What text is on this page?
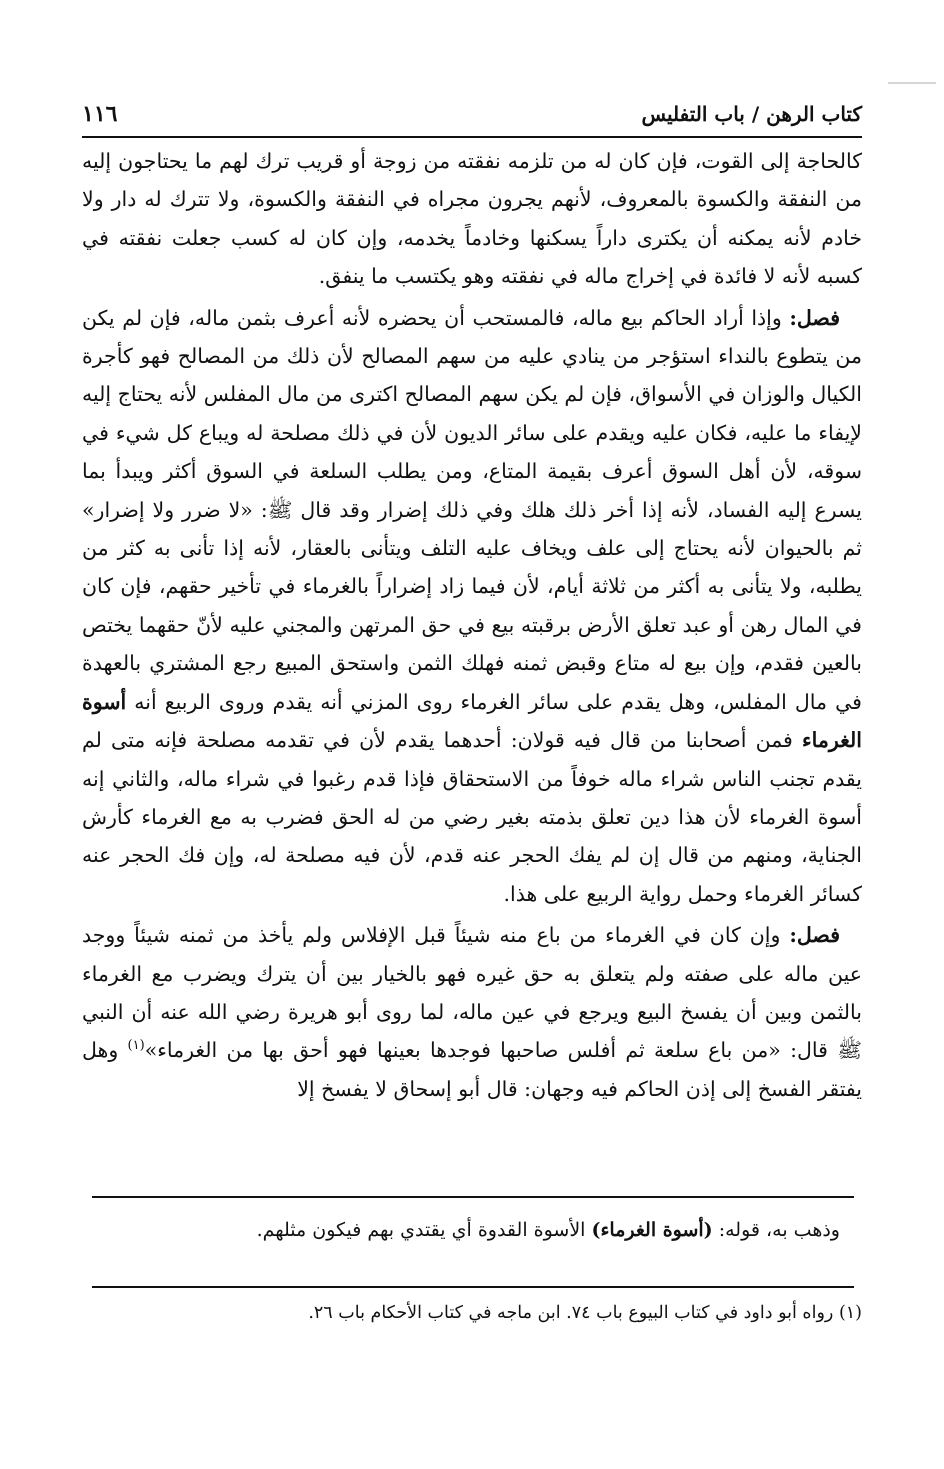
١١٦	كتاب الرهن / باب التفليس

كالحاجة إلى القوت، فإن كان له من تلزمه نفقته من زوجة أو قريب ترك لهم ما يحتاجون إليه من النفقة والكسوة بالمعروف، لأنهم يجرون مجراه في النفقة والكسوة، ولا تترك له دار ولا خادم لأنه يمكنه أن يكترى داراً يسكنها وخادماً يخدمه، وإن كان له كسب جعلت نفقته في كسبه لأنه لا فائدة في إخراج ماله في نفقته وهو يكتسب ما ينفق.

فصل: وإذا أراد الحاكم بيع ماله، فالمستحب أن يحضره لأنه أعرف بثمن ماله، فإن لم يكن من يتطوع بالنداء استؤجر من ينادي عليه من سهم المصالح لأن ذلك من المصالح فهو كأجرة الكيال والوزان في الأسواق، فإن لم يكن سهم المصالح اكترى من مال المفلس لأنه يحتاج إليه لإيفاء ما عليه، فكان عليه ويقدم على سائر الديون لأن في ذلك مصلحة له ويباع كل شيء في سوقه، لأن أهل السوق أعرف بقيمة المتاع، ومن يطلب السلعة في السوق أكثر ويبدأ بما يسرع إليه الفساد، لأنه إذا أخر ذلك هلك وفي ذلك إضرار وقد قال ﷺ: «لا ضرر ولا إضرار» ثم بالحيوان لأنه يحتاج إلى علف ويخاف عليه التلف ويتأنى بالعقار، لأنه إذا تأنى به كثر من يطلبه، ولا يتأنى به أكثر من ثلاثة أيام، لأن فيما زاد إضراراً بالغرماء في تأخير حقهم، فإن كان في المال رهن أو عبد تعلق الأرض برقبته بيع في حق المرتهن والمجني عليه لأنّ حقهما يختص بالعين فقدم، وإن بيع له متاع وقبض ثمنه فهلك الثمن واستحق المبيع رجع المشتري بالعهدة في مال المفلس، وهل يقدم على سائر الغرماء روى المزني أنه يقدم وروى الربيع أنه أسوة الغرماء فمن أصحابنا من قال فيه قولان: أحدهما يقدم لأن في تقدمه مصلحة فإنه متى لم يقدم تجنب الناس شراء ماله خوفاً من الاستحقاق فإذا قدم رغبوا في شراء ماله، والثاني إنه أسوة الغرماء لأن هذا دين تعلق بذمته بغير رضي من له الحق فضرب به مع الغرماء كأرش الجناية، ومنهم من قال إن لم يفك الحجر عنه قدم، لأن فيه مصلحة له، وإن فك الحجر عنه كسائر الغرماء وحمل رواية الربيع على هذا.

فصل: وإن كان في الغرماء من باع منه شيئاً قبل الإفلاس ولم يأخذ من ثمنه شيئاً ووجد عين ماله على صفته ولم يتعلق به حق غيره فهو بالخيار بين أن يترك ويضرب مع الغرماء بالثمن وبين أن يفسخ البيع ويرجع في عين ماله، لما روى أبو هريرة رضي الله عنه أن النبي ﷺ قال: «من باع سلعة ثم أفلس صاحبها فوجدها بعينها فهو أحق بها من الغرماء»$^{(١)}$ وهل يفتقر الفسخ إلى إذن الحاكم فيه وجهان: قال أبو إسحاق لا يفسخ إلا

وذهب به، قوله: (أسوة الغرماء) الأسوة القدوة أي يقتدي بهم فيكون مثلهم.

(١) رواه أبو داود في كتاب البيوع باب ٧٤. ابن ماجه في كتاب الأحكام باب ٢٦.
